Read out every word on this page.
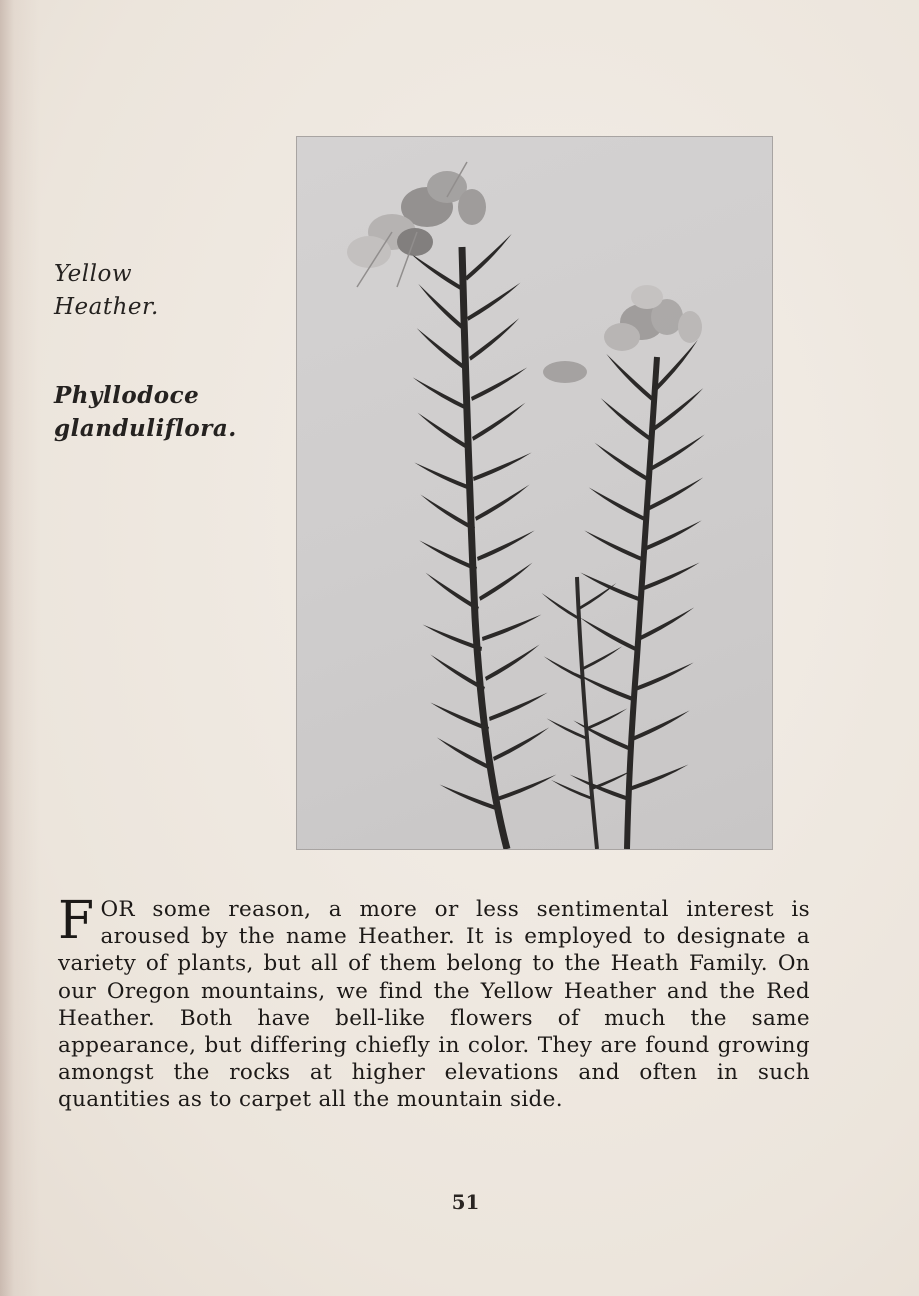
Yellow
Heather.
Phyllodoce
glanduliflora.
FOR some reason, a more or less sentimental interest is aroused by the name Heather. It is employed to designate a variety of plants, but all of them belong to the Heath Family. On our Oregon mountains, we find the Yellow Heather and the Red Heather. Both have bell-like flowers of much the same appearance, but differing chiefly in color. They are found growing amongst the rocks at higher elevations and often in such quantities as to carpet all the mountain side.
51
